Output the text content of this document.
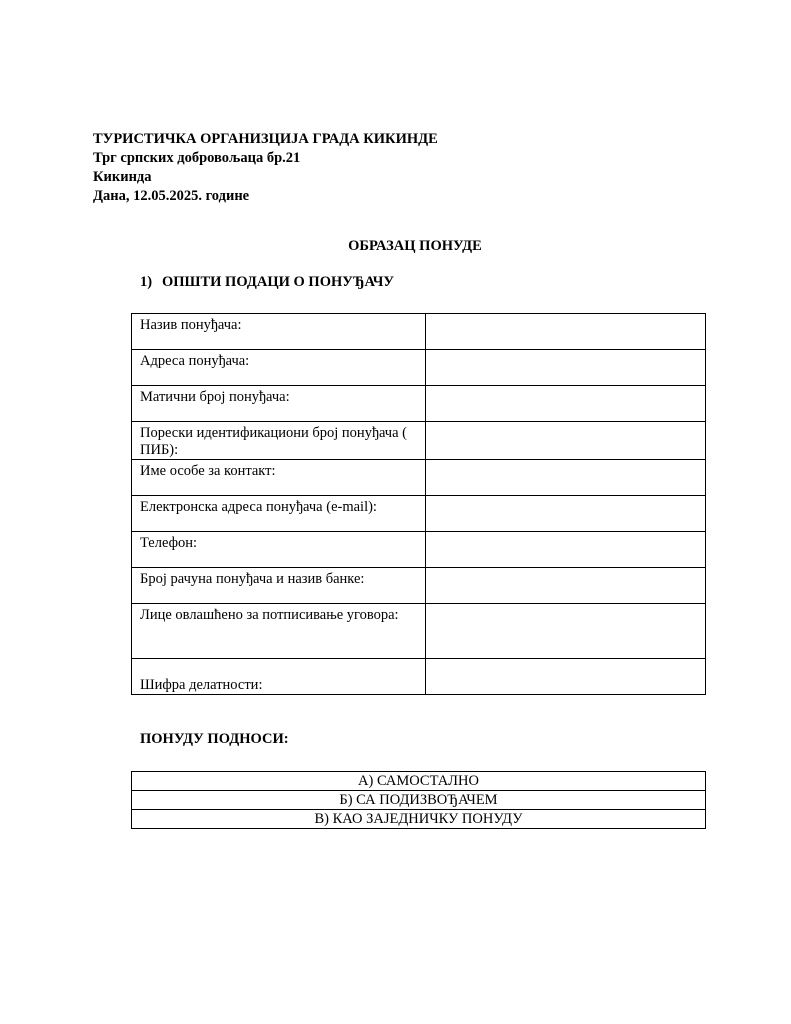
ТУРИСТИЧКА ОРГАНИЗЦИЈА ГРАДА КИКИНДЕ
Трг српских добровољаца бр.21
Кикинда
Дана, 12.05.2025. године
ОБРАЗАЦ ПОНУДЕ
1) ОПШТИ ПОДАЦИ О ПОНУЂАЧУ
Назив понуђача:	
Адреса понуђача:	
Матични број понуђача:	
Порески идентификациони број понуђача ( ПИБ):	
Име особе за контакт:	
Електронска адреса понуђача (e-mail):	
Телефон:	
Број рачуна понуђача и назив банке:	
Лице овлашћено за потписивање уговора:	
Шифра делатности:	
ПОНУДУ ПОДНОСИ:
А) САМОСТАЛНО
Б) СА ПОДИЗВОЂАЧЕМ
В) КАО ЗАЈЕДНИЧКУ ПОНУДУ
